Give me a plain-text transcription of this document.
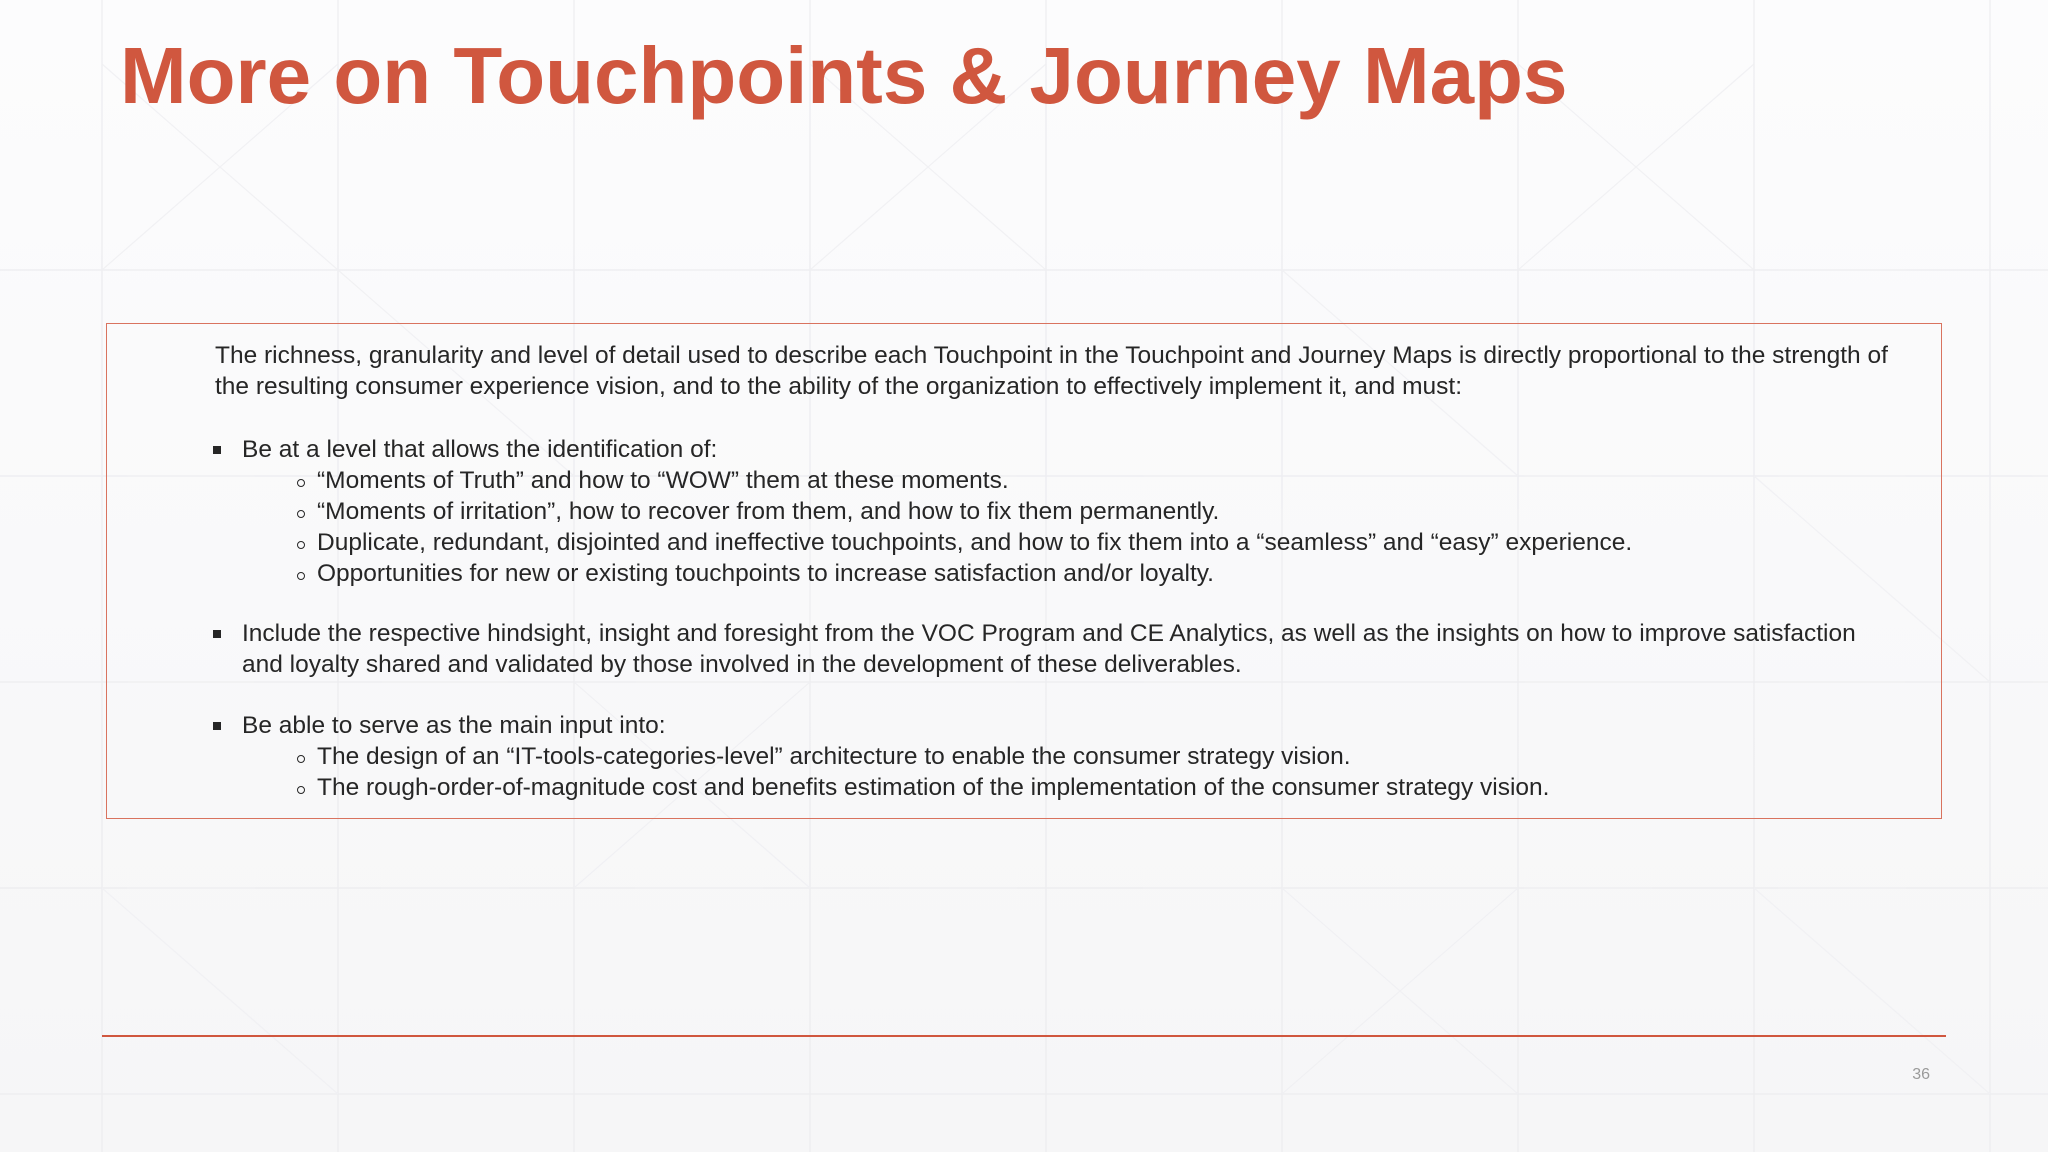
More on Touchpoints & Journey Maps

The richness, granularity and level of detail used to describe each Touchpoint in the Touchpoint and Journey Maps is directly proportional to the strength of the resulting consumer experience vision, and to the ability of the organization to effectively implement it, and must:

Be at a level that allows the identification of:
“Moments of Truth” and how to “WOW” them at these moments.
“Moments of irritation”, how to recover from them, and how to fix them permanently.
Duplicate, redundant, disjointed and ineffective touchpoints, and how to fix them into a “seamless” and “easy” experience.
Opportunities for new or existing touchpoints to increase satisfaction and/or loyalty.
Include the respective hindsight, insight and foresight from the VOC Program and CE Analytics, as well as the insights on how to improve satisfaction and loyalty shared and validated by those involved in the development of these deliverables.
Be able to serve as the main input into:
The design of an “IT-tools-categories-level” architecture to enable the consumer strategy vision.
The rough-order-of-magnitude cost and benefits estimation of the implementation of the consumer strategy vision.
36
